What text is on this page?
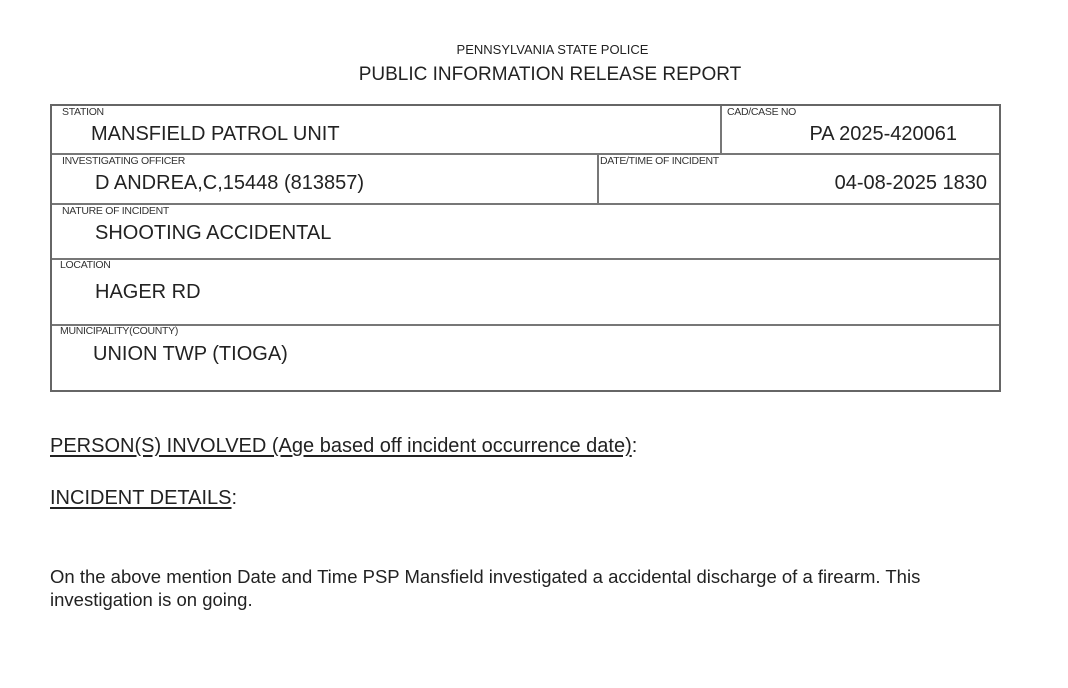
PENNSYLVANIA STATE POLICE
PUBLIC INFORMATION RELEASE REPORT
STATION
MANSFIELD PATROL UNIT
CAD/CASE NO
PA 2025-420061
INVESTIGATING OFFICER
D ANDREA,C,15448 (813857)
DATE/TIME OF INCIDENT
04-08-2025 1830
NATURE OF INCIDENT
SHOOTING ACCIDENTAL
LOCATION
HAGER RD
MUNICIPALITY(COUNTY)
UNION TWP (TIOGA)
PERSON(S) INVOLVED (Age based off incident occurrence date):
INCIDENT DETAILS:
On the above mention Date and Time PSP Mansfield investigated a accidental discharge of a firearm. This investigation is on going.
